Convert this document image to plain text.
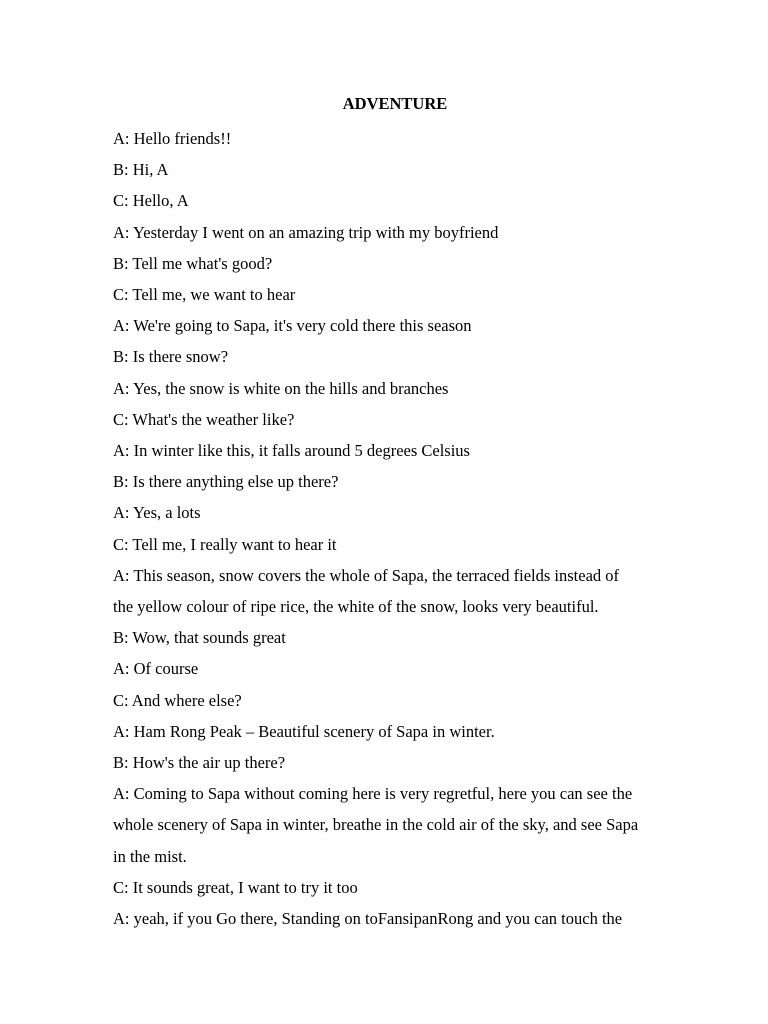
ADVENTURE
A: Hello friends!!
B: Hi, A
C: Hello, A
A: Yesterday I went on an amazing trip with my boyfriend
B: Tell me what's good?
C: Tell me, we want to hear
A: We're going to Sapa, it's very cold there this season
B: Is there snow?
A: Yes, the snow is white on the hills and branches
C: What's the weather like?
A: In winter like this, it falls around 5 degrees Celsius
B: Is there anything else up there?
A: Yes, a lots
C: Tell me, I really want to hear it
A: This season, snow covers the whole of Sapa, the terraced fields instead of
the yellow colour of ripe rice, the white of the snow, looks very beautiful.
B: Wow, that sounds great
A: Of course
C: And where else?
A: Ham Rong Peak – Beautiful scenery of Sapa in winter.
B: How's the air up there?
A: Coming to Sapa without coming here is very regretful, here you can see the
whole scenery of Sapa in winter, breathe in the cold air of the sky, and see Sapa
in the mist.
C: It sounds great, I want to try it too
A: yeah, if you Go there, Standing on toFansipanRong and you can touch the
